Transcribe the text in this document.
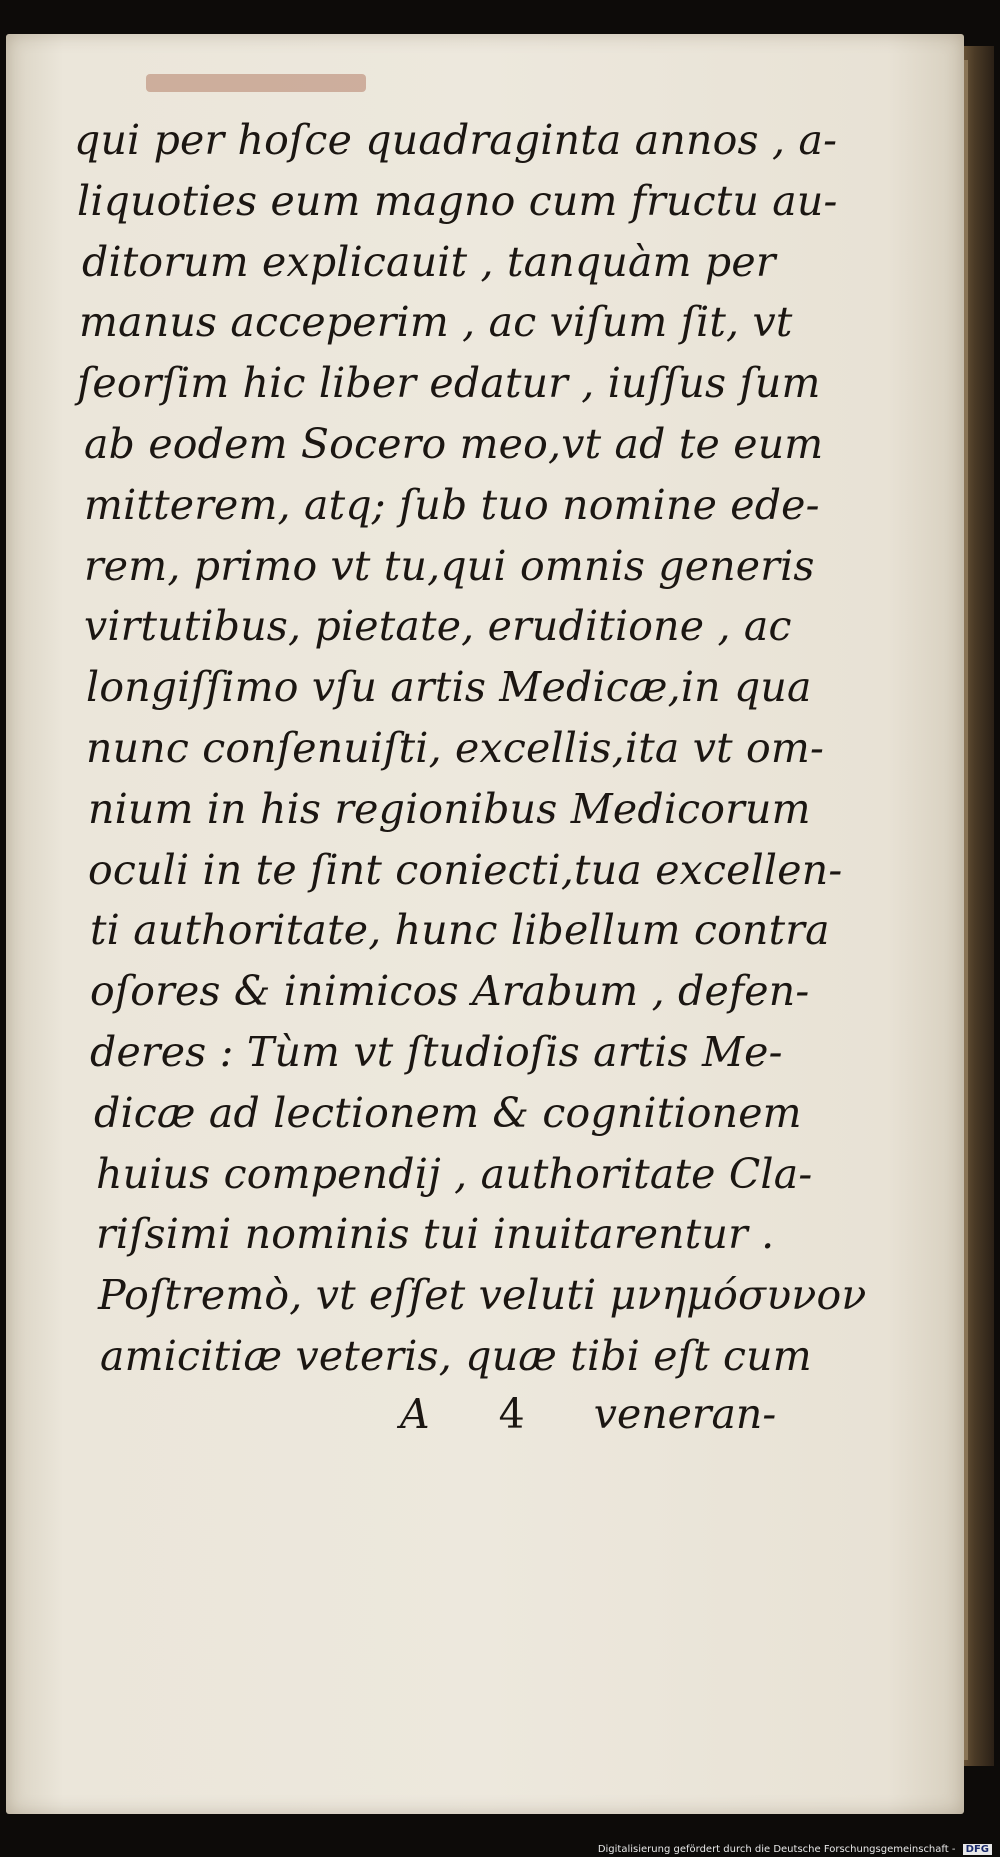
qui per hoſce quadraginta annos , a-
liquoties eum magno cum fructu au-
ditorum explicauit , tanquàm per
manus acceperim , ac viſum ſit, vt
ſeorſim hic liber edatur , iuſſus ſum
ab eodem Socero meo,vt ad te eum
mitterem, atq; ſub tuo nomine ede-
rem, primo vt tu,qui omnis generis
virtutibus, pietate, eruditione , ac
longiſſimo vſu artis Medicæ,in qua
nunc conſenuiſti, excellis,ita vt om-
nium in his regionibus Medicorum
oculi in te ſint coniecti,tua excellen-
ti authoritate, hunc libellum contra
oſores & inimicos Arabum , defen-
deres : Tùm vt ſtudioſis artis Me-
dicæ ad lectionem & cognitionem
huius compendij , authoritate Cla-
riſsimi nominis tui inuitarentur .
Poſtremò, vt eſſet veluti μνημόσυνον
amicitiæ veteris, quæ tibi eſt cum
A 4 veneran-
Digitalisierung gefördert durch die Deutsche Forschungsgemeinschaft - DFG
